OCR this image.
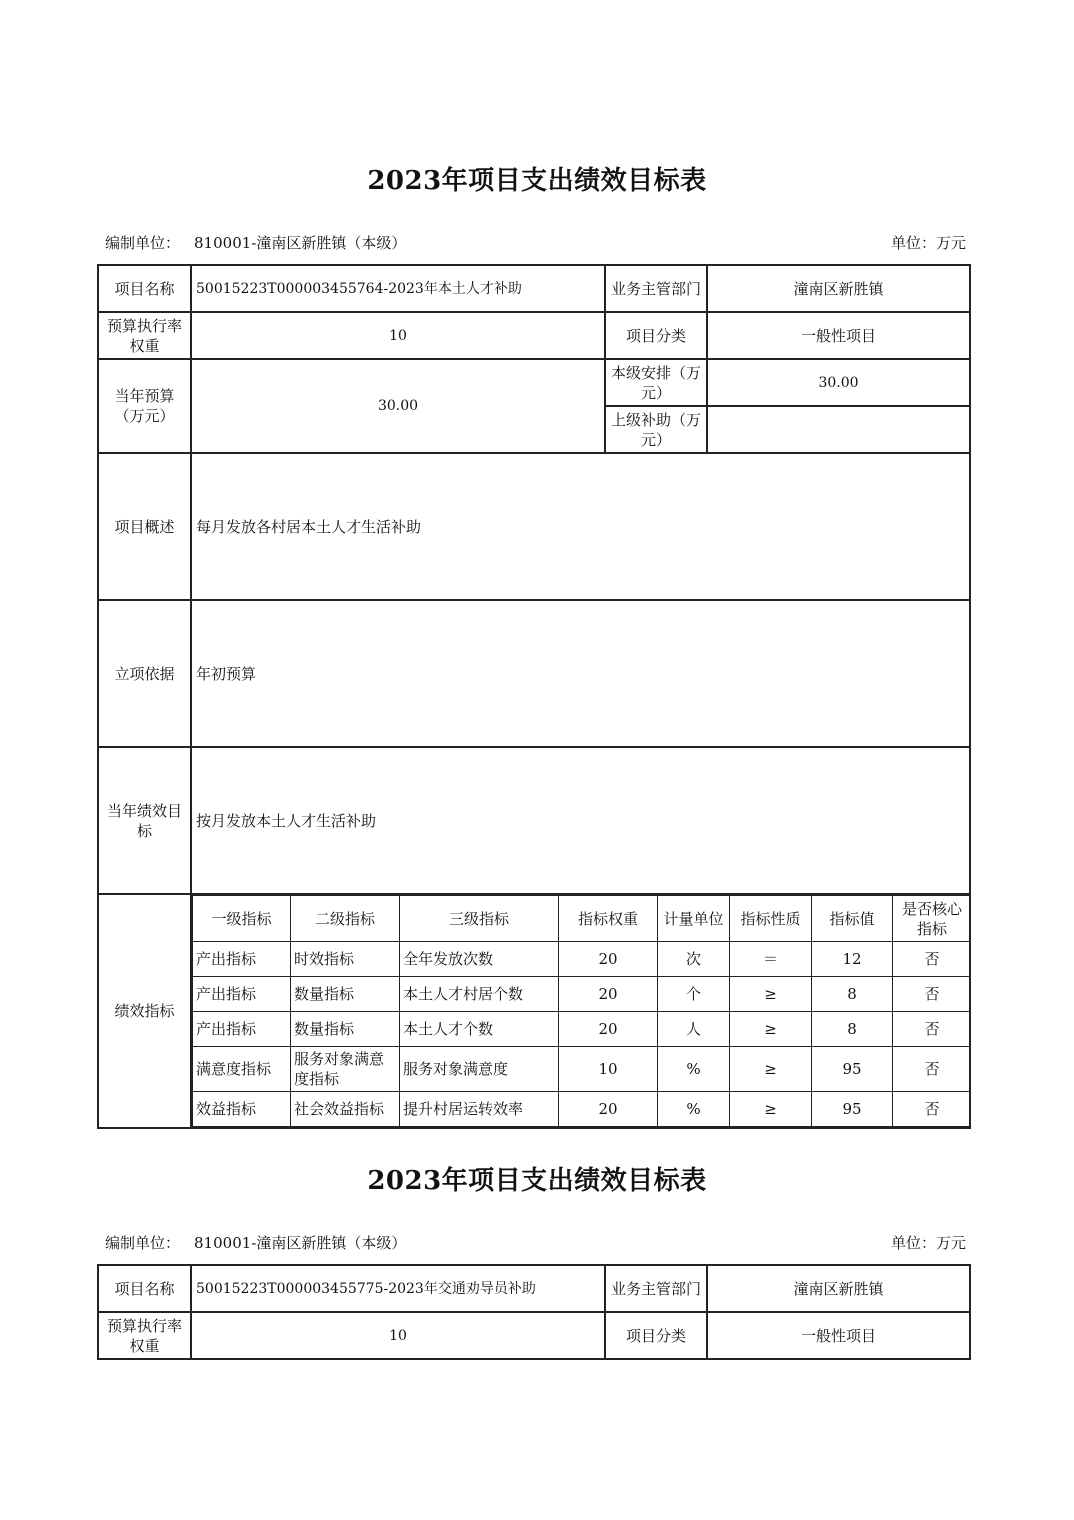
2023年项目支出绩效目标表
编制单位： 810001-潼南区新胜镇（本级）	单位：万元
项目名称	50015223T000003455764-2023年本土人才补助	业务主管部门	潼南区新胜镇
预算执行率权重	10	项目分类	一般性项目
当年预算（万元）	30.00	本级安排（万元）	30.00
上级补助（万元）	
项目概述	每月发放各村居本土人才生活补助
立项依据	年初预算
当年绩效目标	按月发放本土人才生活补助
绩效指标	
一级指标	二级指标	三级指标	指标权重	计量单位	指标性质	指标值	是否核心指标
产出指标	时效指标	全年发放次数	20	次	＝	12	否
产出指标	数量指标	本土人才村居个数	20	个	≥	8	否
产出指标	数量指标	本土人才个数	20	人	≥	8	否
满意度指标	服务对象满意度指标	服务对象满意度	10	%	≥	95	否
效益指标	社会效益指标	提升村居运转效率	20	%	≥	95	否
2023年项目支出绩效目标表
编制单位： 810001-潼南区新胜镇（本级）	单位：万元
项目名称	50015223T000003455775-2023年交通劝导员补助	业务主管部门	潼南区新胜镇
预算执行率权重	10	项目分类	一般性项目
